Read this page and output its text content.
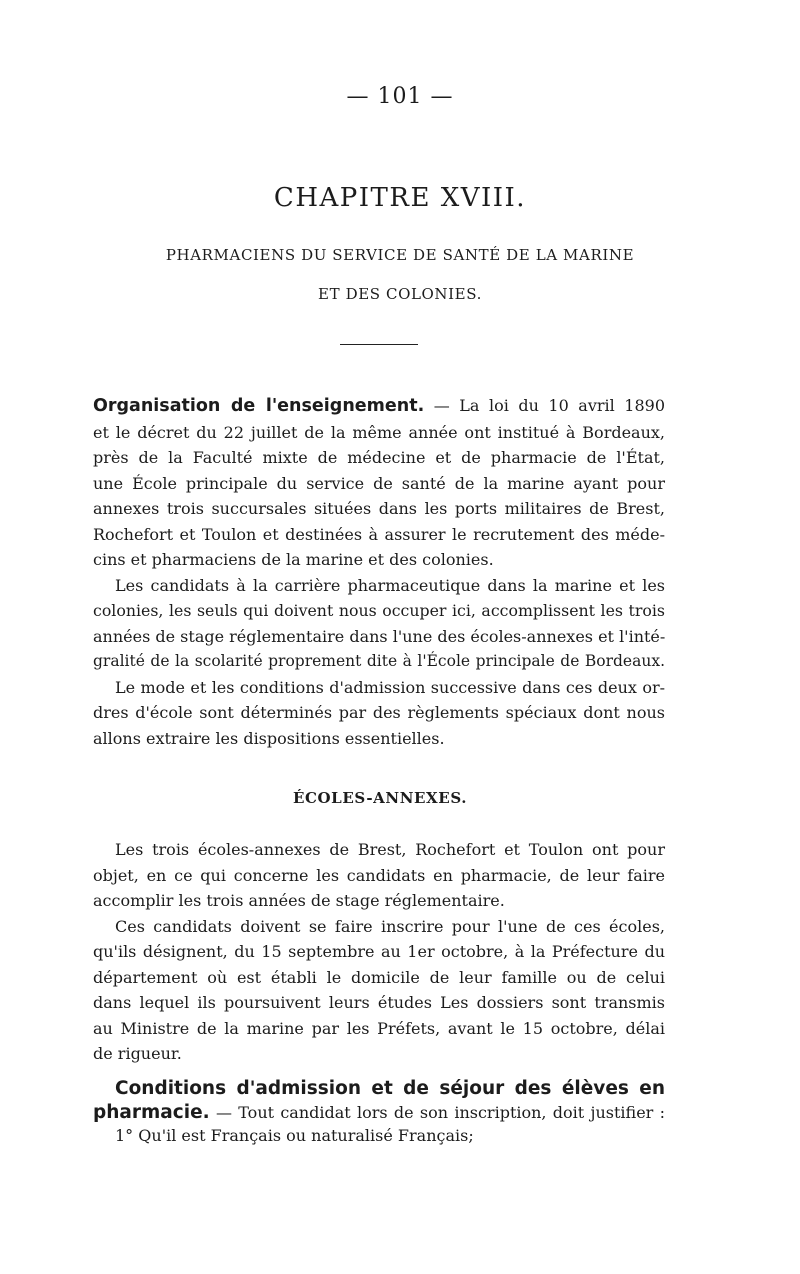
— 101 —
CHAPITRE XVIII.
PHARMACIENS DU SERVICE DE SANTÉ DE LA MARINE
ET DES COLONIES.
Organisation de l'enseignement. — La loi du 10 avril 1890
et le décret du 22 juillet de la même année ont institué à Bordeaux,
près de la Faculté mixte de médecine et de pharmacie de l'État,
une École principale du service de santé de la marine ayant pour
annexes trois succursales situées dans les ports militaires de Brest,
Rochefort et Toulon et destinées à assurer le recrutement des méde-
cins et pharmaciens de la marine et des colonies.
Les candidats à la carrière pharmaceutique dans la marine et les
colonies, les seuls qui doivent nous occuper ici, accomplissent les trois
années de stage réglementaire dans l'une des écoles-annexes et l'inté-
gralité de la scolarité proprement dite à l'École principale de Bordeaux.
Le mode et les conditions d'admission successive dans ces deux or-
dres d'école sont déterminés par des règlements spéciaux dont nous
allons extraire les dispositions essentielles.
ÉCOLES-ANNEXES.
Les trois écoles-annexes de Brest, Rochefort et Toulon ont pour
objet, en ce qui concerne les candidats en pharmacie, de leur faire
accomplir les trois années de stage réglementaire.
Ces candidats doivent se faire inscrire pour l'une de ces écoles,
qu'ils désignent, du 15 septembre au 1er octobre, à la Préfecture du
département où est établi le domicile de leur famille ou de celui
dans lequel ils poursuivent leurs études Les dossiers sont transmis
au Ministre de la marine par les Préfets, avant le 15 octobre, délai
de rigueur.
Conditions d'admission et de séjour des élèves en
pharmacie. — Tout candidat lors de son inscription, doit justifier :
1° Qu'il est Français ou naturalisé Français;
